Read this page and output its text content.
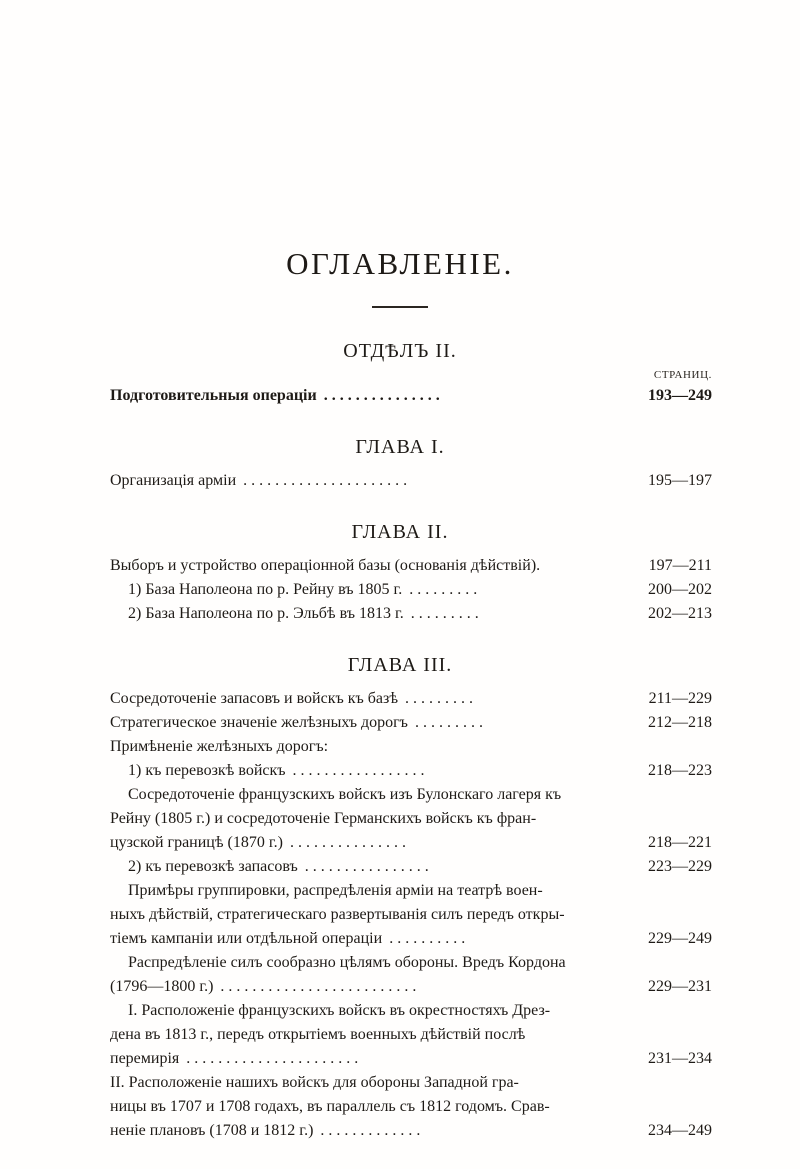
ОГЛАВЛЕНІЕ.
ОТДѢЛЪ II.
СТРАНИЦ.
Подготовительныя операціи . . . . . . . . . . . . . . .	193—249
ГЛАВА I.
Организація арміи . . . . . . . . . . . . . . . . . . . . .	195—197
ГЛАВА II.
Выборъ и устройство операціонной базы (основанія дѣйствій).	197—211
1) База Наполеона по р. Рейну въ 1805 г. . . . . . . . . .	200—202
2) База Наполеона по р. Эльбѣ въ 1813 г. . . . . . . . . .	202—213
ГЛАВА III.
Сосредоточеніе запасовъ и войскъ къ базѣ . . . . . . . . .	211—229
Стратегическое значеніе желѣзныхъ дорогъ . . . . . . . . .	212—218
Примѣненіе желѣзныхъ дорогъ:
1) къ перевозкѣ войскъ . . . . . . . . . . . . . . . . .	218—223
Сосредоточеніе французскихъ войскъ изъ Булонскаго лагеря къ
Рейну (1805 г.) и сосредоточеніе Германскихъ войскъ къ фран-
цузской границѣ (1870 г.) . . . . . . . . . . . . . . .	218—221
2) къ перевозкѣ запасовъ . . . . . . . . . . . . . . . .	223—229
Примѣры группировки, распредѣленія арміи на театрѣ воен-
ныхъ дѣйствій, стратегическаго развертыванія силъ передъ откры-
тіемъ кампаніи или отдѣльной операціи . . . . . . . . . .	229—249
Распредѣленіе силъ сообразно цѣлямъ обороны. Вредъ Кордона
(1796—1800 г.) . . . . . . . . . . . . . . . . . . . . . . . . .	229—231
I. Расположеніе французскихъ войскъ въ окрестностяхъ Дрез-
дена въ 1813 г., передъ открытіемъ военныхъ дѣйствій послѣ
перемирія . . . . . . . . . . . . . . . . . . . . . .	231—234
II. Расположеніе нашихъ войскъ для обороны Западной гра-
ницы въ 1707 и 1708 годахъ, въ параллель съ 1812 годомъ. Срав-
неніе плановъ (1708 и 1812 г.) . . . . . . . . . . . . .	234—249
